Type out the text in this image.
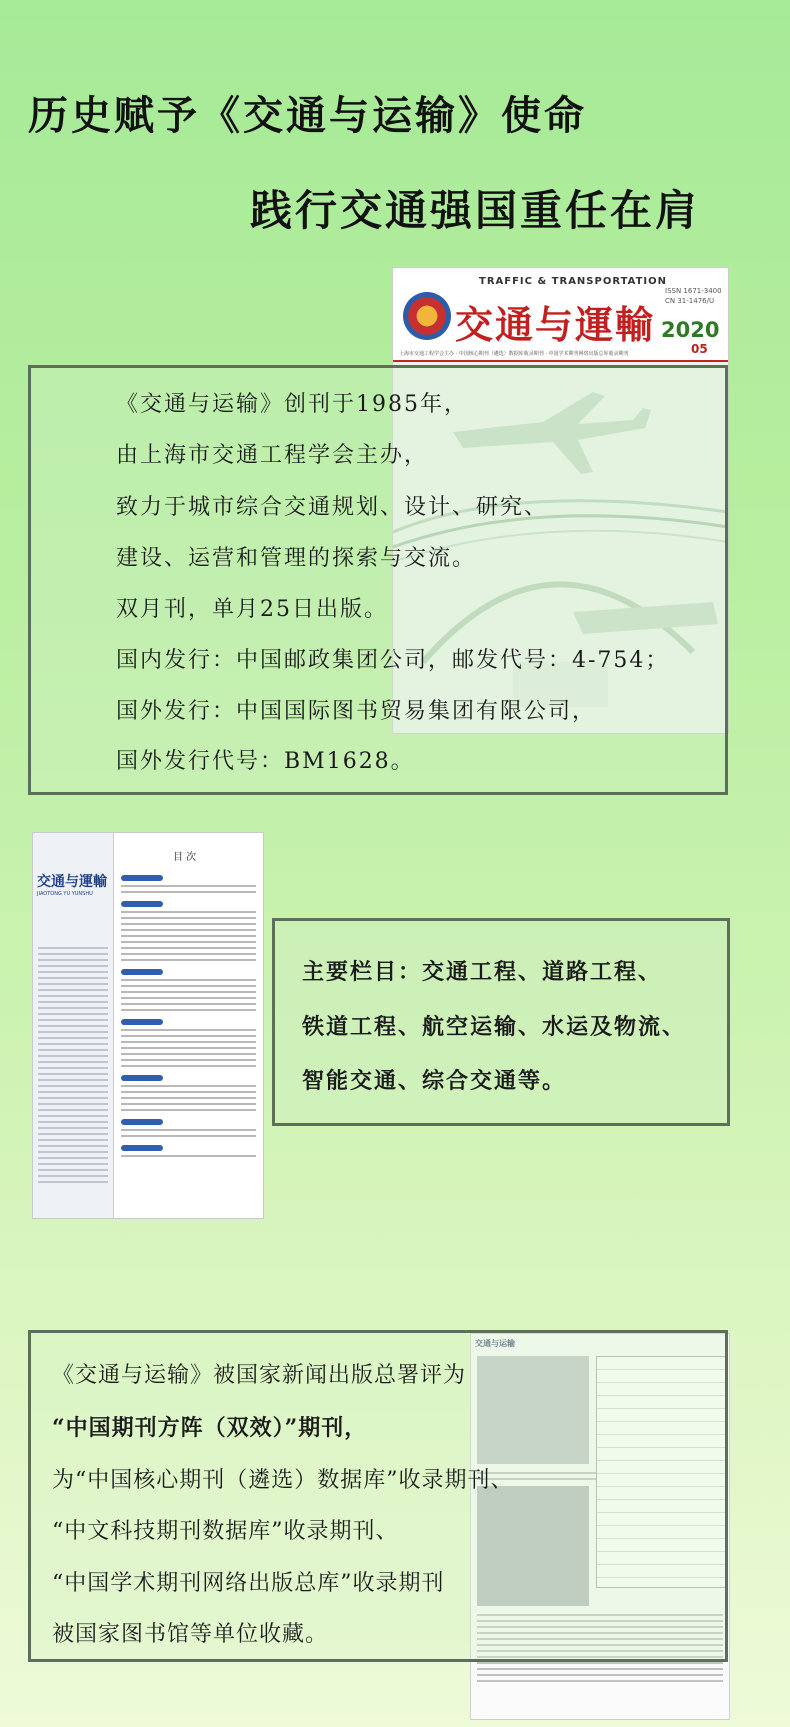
历史赋予《交通与运输》使命
践行交通强国重任在肩
TRAFFIC & TRANSPORTATION
交通与運輸
ISSN 1671-3400
CN 31-1476/U
2020
05
上海市交通工程学会主办 · 中国核心期刊（遴选）数据库收录期刊 · 中国学术期刊网络出版总库收录期刊
《交通与运输》创刊于1985年，
由上海市交通工程学会主办，
致力于城市综合交通规划、设计、研究、
建设、运营和管理的探索与交流。
双月刊，单月25日出版。
国内发行：中国邮政集团公司，邮发代号：4-754；
国外发行：中国国际图书贸易集团有限公司，
国外发行代号：BM1628。
交通与運輸
JIAOTONG YU YUNSHU
目 次
主要栏目：交通工程、道路工程、
铁道工程、航空运输、水运及物流、
智能交通、综合交通等。
交通与运输
《交通与运输》被国家新闻出版总署评为
“中国期刊方阵（双效）”期刊，
为“中国核心期刊（遴选）数据库”收录期刊、
“中文科技期刊数据库”收录期刊、
“中国学术期刊网络出版总库”收录期刊
被国家图书馆等单位收藏。
